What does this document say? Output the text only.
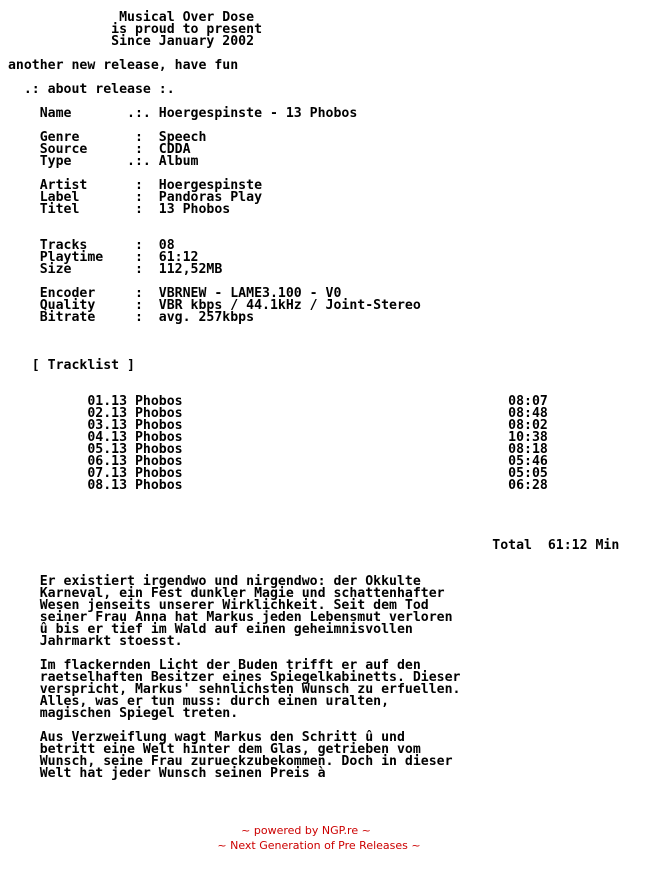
Musical Over Dose
is proud to present
Since January 2002

another new release, have fun

.: about release :.

Name       .:. Hoergespinste - 13 Phobos

Genre       :  Speech
Source      :  CDDA
Type       .:. Album

Artist      :  Hoergespinste
Label       :  Pandoras Play
Titel       :  13 Phobos

Tracks      :  08
Playtime    :  61:12
Size        :  112,52MB

Encoder     :  VBRNEW - LAME3.100 - V0
Quality     :  VBR kbps / 44.1kHz / Joint-Stereo
Bitrate     :  avg. 257kbps

[ Tracklist ]

01.13 Phobos                                         08:07
02.13 Phobos                                         08:48
03.13 Phobos                                         08:02
04.13 Phobos                                         10:38
05.13 Phobos                                         08:18
06.13 Phobos                                         05:46
07.13 Phobos                                         05:05
08.13 Phobos                                         06:28

Total  61:12 Min

Er existiert irgendwo und nirgendwo: der Okkulte
Karneval, ein Fest dunkler Magie und schattenhafter
Wesen jenseits unserer Wirklichkeit. Seit dem Tod
seiner Frau Anna hat Markus jeden Lebensmut verloren
û bis er tief im Wald auf einen geheimnisvollen
Jahrmarkt stoesst.

Im flackernden Licht der Buden trifft er auf den
raetselhaften Besitzer eines Spiegelkabinetts. Dieser
verspricht, Markus' sehnlichsten Wunsch zu erfuellen.
Alles, was er tun muss: durch einen uralten,
magischen Spiegel treten.

Aus Verzweiflung wagt Markus den Schritt û und
betritt eine Welt hinter dem Glas, getrieben vom
Wunsch, seine Frau zurueckzubekommen. Doch in dieser
Welt hat jeder Wunsch seinen Preis à

~ powered by NGP.re ~
~ Next Generation of Pre Releases ~
